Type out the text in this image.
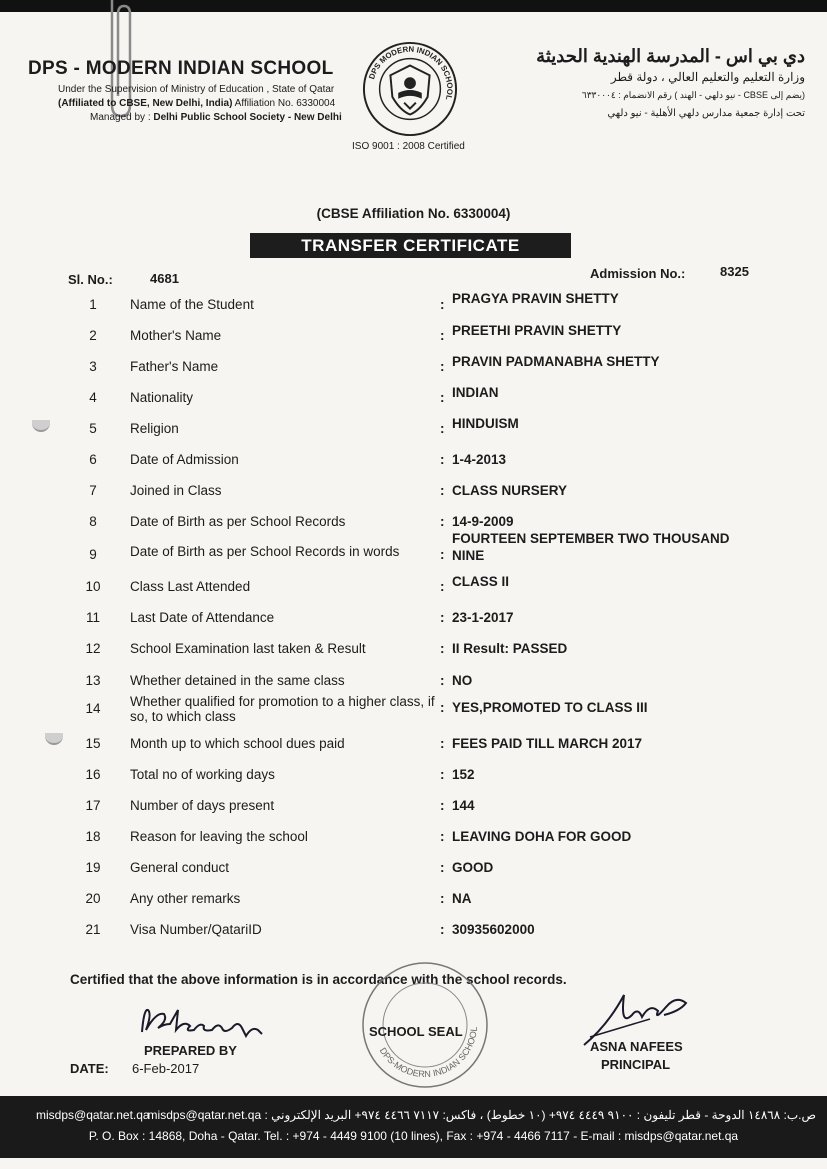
DPS - MODERN INDIAN SCHOOL
Under the Supervision of Ministry of Education , State of Qatar
(Affiliated to CBSE, New Delhi, India) Affiliation No. 6330004
Managed by : Delhi Public School Society - New Delhi
DPS MODERN INDIAN SCHOOL
ISO 9001 : 2008 Certified
دي بي اس - المدرسة الهندية الحديثة
وزارة التعليم والتعليم العالي ، دولة قطر
(يضم إلى CBSE - نيو دلهي - الهند ) رقم الانضمام : ٦٣٣٠٠٠٤
تحت إدارة جمعية مدارس دلهي الأهلية - نيو دلهي
(CBSE Affiliation No. 6330004)
TRANSFER CERTIFICATE
Sl. No.:	4681	Admission No.:	8325
1	Name of the Student	: PRAGYA PRAVIN SHETTY
2	Mother's Name	: PREETHI PRAVIN SHETTY
3	Father's Name	: PRAVIN PADMANABHA SHETTY
4	Nationality	: INDIAN
5	Religion	: HINDUISM
6	Date of Admission	: 1-4-2013
7	Joined in Class	: CLASS NURSERY
8	Date of Birth as per School Records	: 14-9-2009
9	Date of Birth as per School Records in words	:
FOURTEEN SEPTEMBER TWO THOUSAND NINE
10	Class Last Attended	: CLASS II
11	Last Date of Attendance	: 23-1-2017
12	School Examination last taken & Result	: II Result: PASSED
13	Whether detained in the same class	: NO
14	Whether qualified for promotion to a higher class, if so, to which class
: YES,PROMOTED TO CLASS III
15	Month up to which school dues paid	: FEES PAID TILL MARCH 2017
16	Total no of working days	: 152
17	Number of days present	: 144
18	Reason for leaving the school	: LEAVING DOHA FOR GOOD
19	General conduct	: GOOD
20	Any other remarks	: NA
21	Visa Number/QatariID	: 30935602000
Certified that the above information is in accordance with the school records.
PREPARED BY
DATE: 6-Feb-2017
DPS-MODERN INDIAN SCHOOL
SCHOOL SEAL
ASNA NAFEES
PRINCIPAL
misdps@qatar.net.qa
ص.ب: ١٤٨٦٨ الدوحة - قطر تليفون : ٩١٠٠ ٤٤٤٩ ٩٧٤+ (١٠ خطوط) ، فاكس: ٧١١٧ ٤٤٦٦ ٩٧٤+ البريد الإلكتروني : misdps@qatar.net.qa
P. O. Box : 14868, Doha - Qatar. Tel. : +974 - 4449 9100 (10 lines), Fax : +974 - 4466 7117 - E-mail : misdps@qatar.net.qa
